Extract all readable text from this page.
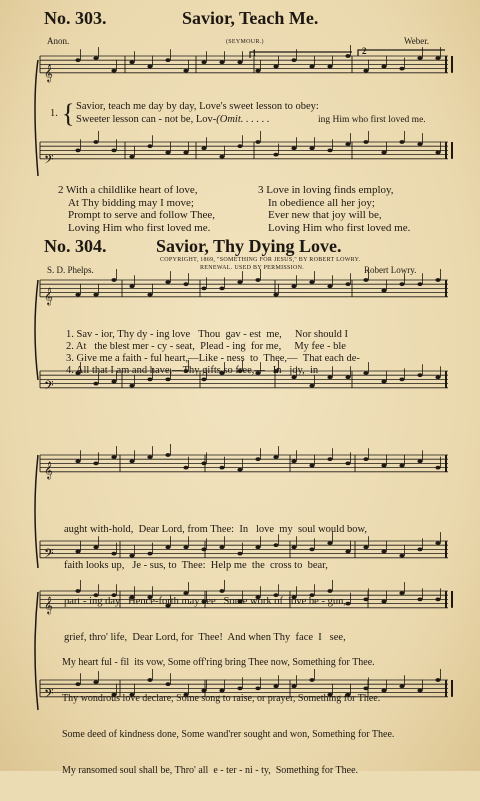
No. 303.	Savior, Teach Me.
Anon.	(SEYMOUR.)	Weber.
1	2
𝄞
𝄢
𝄞
𝄢
𝄞
𝄢
𝄞
𝄢
1. { Savior, teach me day by day, Love's sweet lesson to obey:
Sweeter lesson can - not be, Lov-(Omit. . . . . .	ing Him who first loved me.
2 With a childlike heart of love,
At Thy bidding may I move;
Prompt to serve and follow Thee,
Loving Him who first loved me.
3 Love in loving finds employ,
In obedience all her joy;
Ever new that joy will be,
Loving Him who first loved me.
No. 304.	Savior, Thy Dying Love.
COPYRIGHT, 1869, "SOMETHING FOR JESUS," BY ROBERT LOWRY.
RENEWAL. USED BY PERMISSION.
S. D. Phelps.	Robert Lowry.
1. Sav - ior, Thy dy - ing love Thou gav - est me, Nor should I
2. At the blest mer - cy - seat, Plead - ing for me, My fee - ble
3. Give me a faith - ful heart,—Like - ness to Thee,— That each de-
4. All that I am and have,—Thy gifts so free,— In joy, in

aught with-hold,  Dear Lord, from Thee:  In   love  my  soul would bow,

faith looks up,   Je - sus, to  Thee:  Help me  the  cross to  bear,

part - ing day   Hence-forth may see   Some work of  love be - gun,

grief, thro' life,  Dear Lord, for  Thee!  And when Thy  face  I   see,

My heart ful - fil  its vow, Some off'ring bring Thee now, Something for Thee.

Thy wondrous love declare, Some song to raise, or prayer, Something for Thee.

Some deed of kindness done, Some wand'rer sought and won, Something for Thee.

My ransomed soul shall be, Thro' all  e - ter - ni - ty,  Something for Thee.
